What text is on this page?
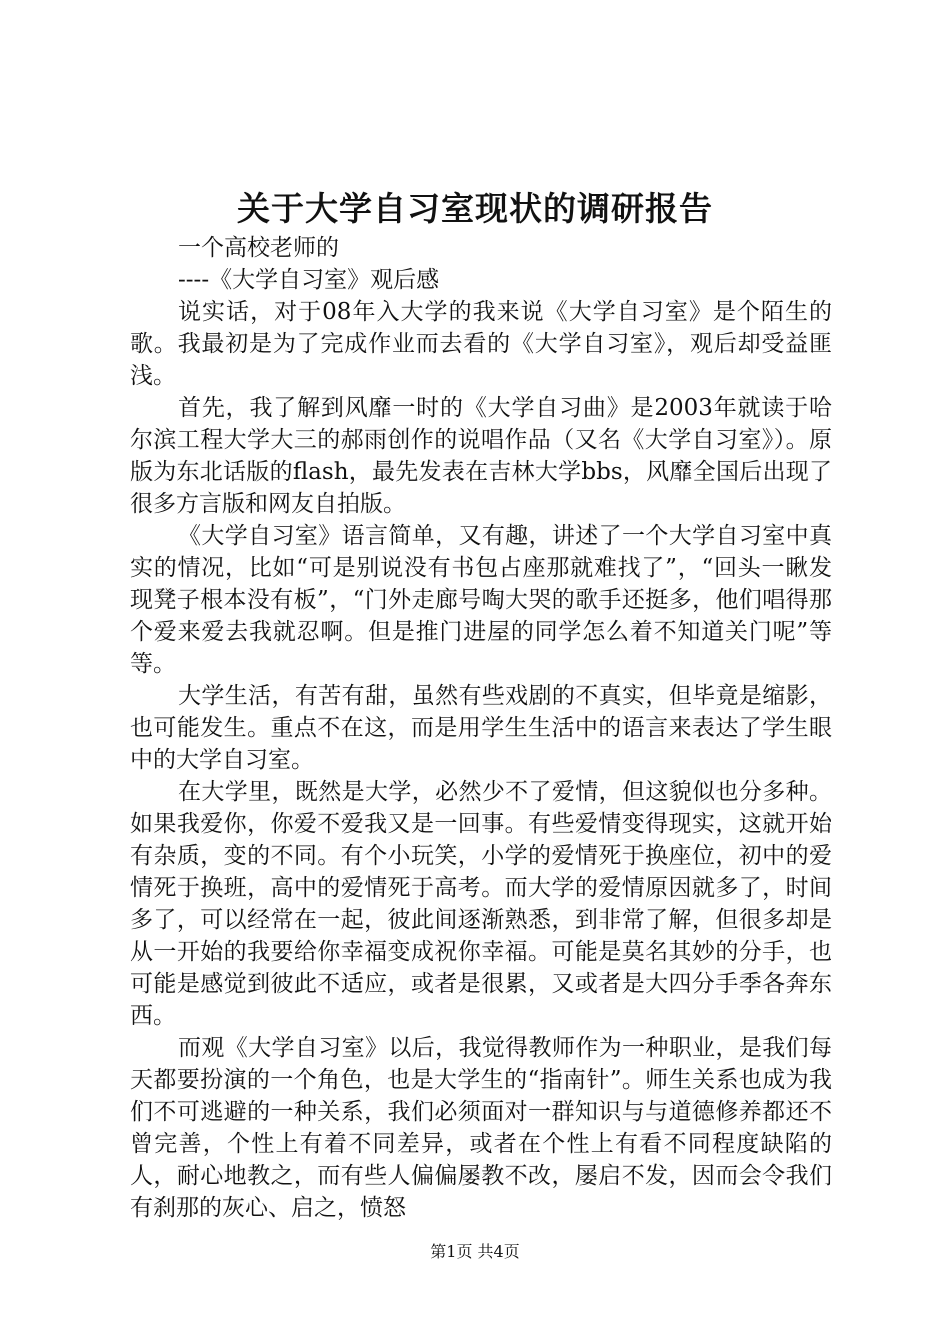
关于大学自习室现状的调研报告

一个高校老师的

----《大学自习室》观后感

说实话，对于08年入大学的我来说《大学自习室》是个陌生的歌。我最初是为了完成作业而去看的《大学自习室》，观后却受益匪浅。

首先，我了解到风靡一时的《大学自习曲》是2003年就读于哈尔滨工程大学大三的郝雨创作的说唱作品（又名《大学自习室》）。原版为东北话版的flash，最先发表在吉林大学bbs，风靡全国后出现了很多方言版和网友自拍版。

《大学自习室》语言简单，又有趣，讲述了一个大学自习室中真实的情况，比如“可是别说没有书包占座那就难找了”，“回头一瞅发现凳子根本没有板”，“门外走廊号啕大哭的歌手还挺多，他们唱得那个爱来爱去我就忍啊。但是推门进屋的同学怎么着不知道关门呢”等等。

大学生活，有苦有甜，虽然有些戏剧的不真实，但毕竟是缩影，也可能发生。重点不在这，而是用学生生活中的语言来表达了学生眼中的大学自习室。

在大学里，既然是大学，必然少不了爱情，但这貌似也分多种。如果我爱你，你爱不爱我又是一回事。有些爱情变得现实，这就开始有杂质，变的不同。有个小玩笑，小学的爱情死于换座位，初中的爱情死于换班，高中的爱情死于高考。而大学的爱情原因就多了，时间多了，可以经常在一起，彼此间逐渐熟悉，到非常了解，但很多却是从一开始的我要给你幸福变成祝你幸福。可能是莫名其妙的分手，也可能是感觉到彼此不适应，或者是很累，又或者是大四分手季各奔东西。

而观《大学自习室》以后，我觉得教师作为一种职业，是我们每天都要扮演的一个角色，也是大学生的“指南针”。师生关系也成为我们不可逃避的一种关系，我们必须面对一群知识与与道德修养都还不曾完善，个性上有着不同差异，或者在个性上有看不同程度缺陷的人，耐心地教之，而有些人偏偏屡教不改，屡启不发，因而会令我们有刹那的灰心、启之，愤怒

第1页 共4页
